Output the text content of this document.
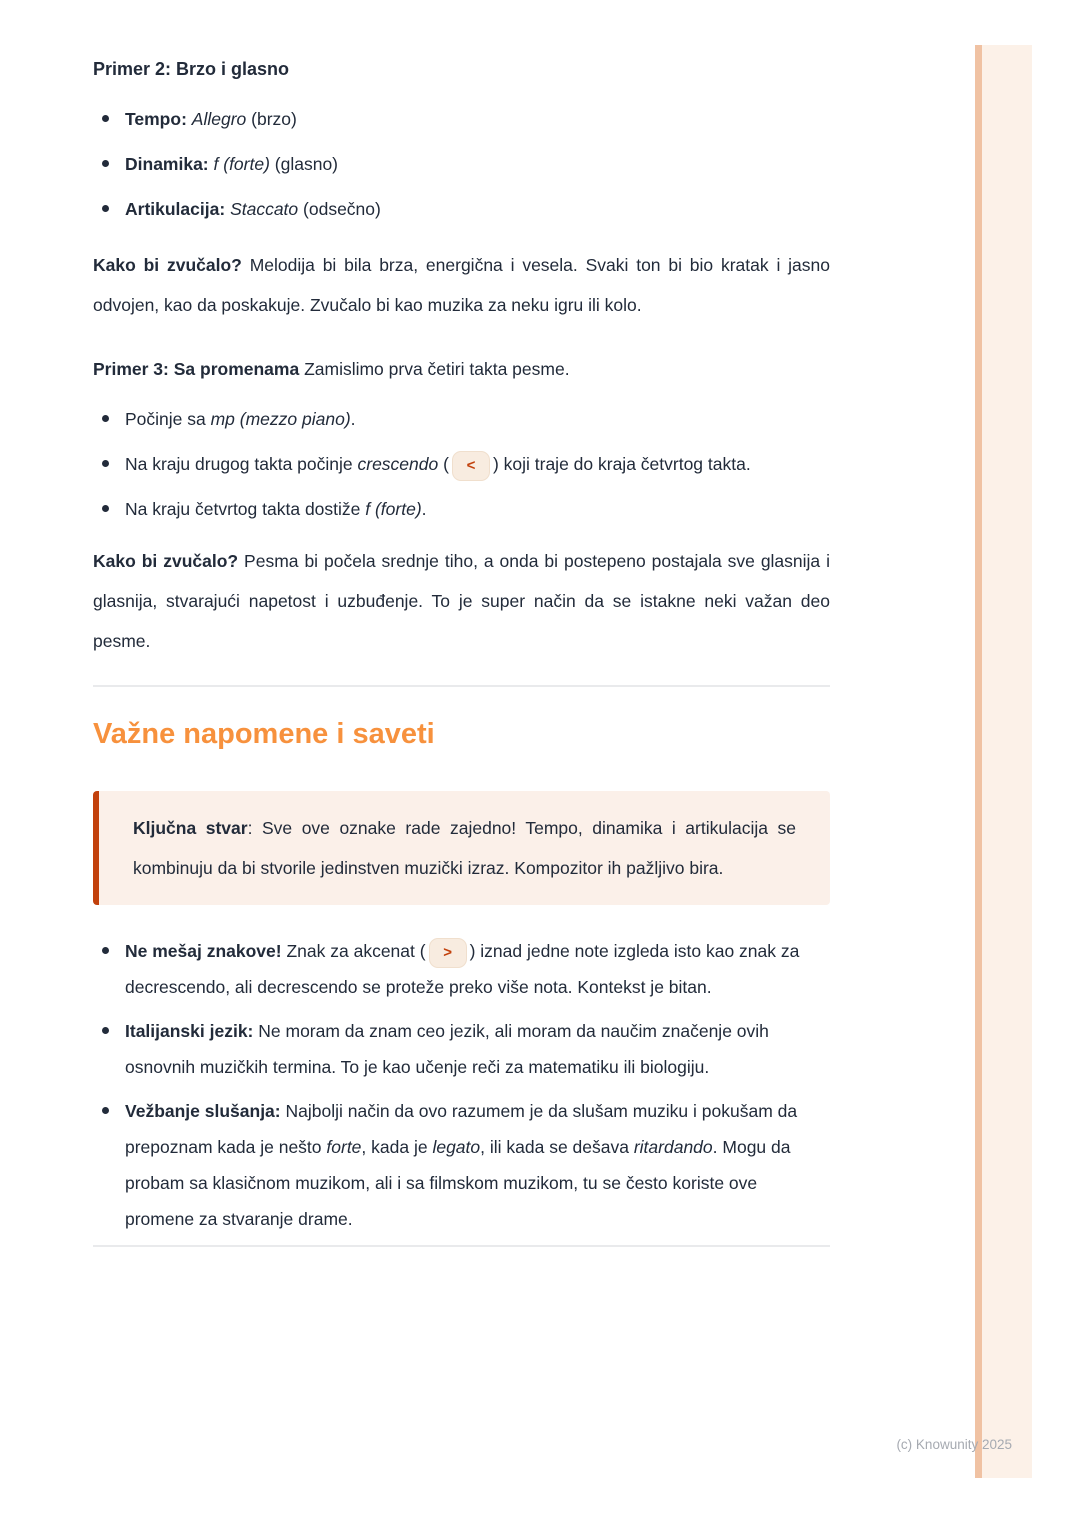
Primer 2: Brzo i glasno
Tempo: Allegro (brzo)
Dinamika: f (forte) (glasno)
Artikulacija: Staccato (odsečno)

Kako bi zvučalo? Melodija bi bila brza, energična i vesela. Svaki ton bi bio kratak i jasno odvojen, kao da poskakuje. Zvučalo bi kao muzika za neku igru ili kolo.

Primer 3: Sa promenama Zamislimo prva četiri takta pesme.

Počinje sa mp (mezzo piano).
Na kraju drugog takta počinje crescendo ( < ) koji traje do kraja četvrtog takta.
Na kraju četvrtog takta dostiže f (forte).

Kako bi zvučalo? Pesma bi počela srednje tiho, a onda bi postepeno postajala sve glasnija i glasnija, stvarajući napetost i uzbuđenje. To je super način da se istakne neki važan deo pesme.

Važne napomene i saveti

Ključna stvar: Sve ove oznake rade zajedno! Tempo, dinamika i artikulacija se kombinuju da bi stvorile jedinstven muzički izraz. Kompozitor ih pažljivo bira.

Ne mešaj znakove! Znak za akcenat ( > ) iznad jedne note izgleda isto kao znak za decrescendo, ali decrescendo se proteže preko više nota. Kontekst je bitan.
Italijanski jezik: Ne moram da znam ceo jezik, ali moram da naučim značenje ovih osnovnih muzičkih termina. To je kao učenje reči za matematiku ili biologiju.
Vežbanje slušanja: Najbolji način da ovo razumem je da slušam muziku i pokušam da prepoznam kada je nešto forte, kada je legato, ili kada se dešava ritardando. Mogu da probam sa klasičnom muzikom, ali i sa filmskom muzikom, tu se često koriste ove promene za stvaranje drame.
(c) Knowunity 2025
